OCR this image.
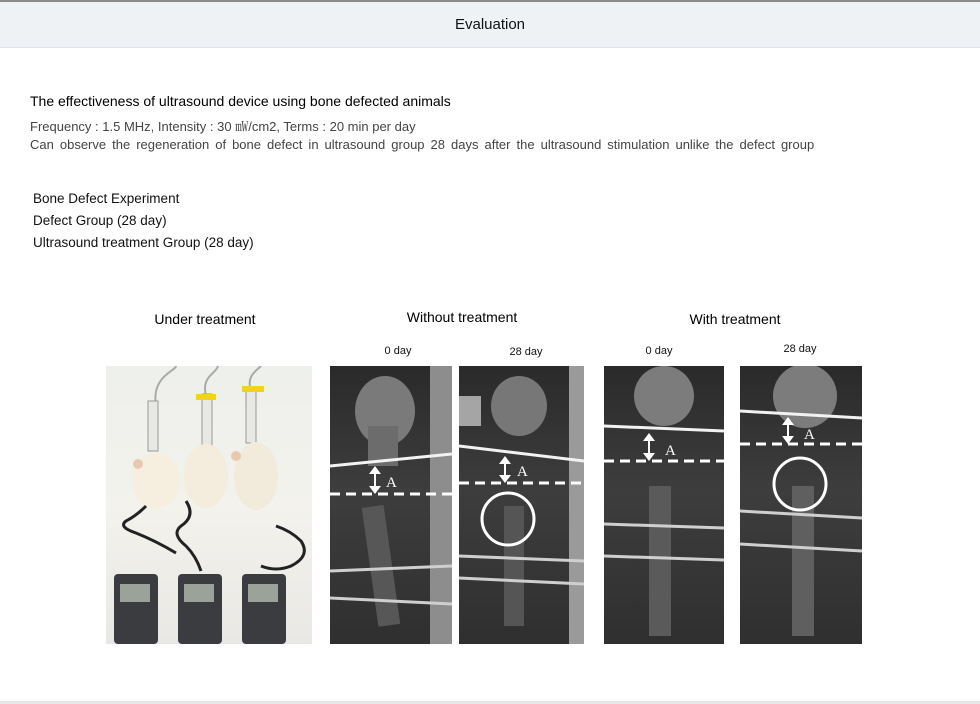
Evaluation
The effectiveness of ultrasound device using bone defected animals
Frequency : 1.5 MHz, Intensity : 30 ㎽/cm2, Terms : 20 min per day
Can observe the regeneration of bone defect in ultrasound group 28 days after the ultrasound stimulation unlike the defect group
Bone Defect Experiment
Defect Group (28 day)
Ultrasound treatment Group (28 day)
Under treatment	Without treatment	With treatment
0 day	28 day	0 day	28 day
A
A
A
A
